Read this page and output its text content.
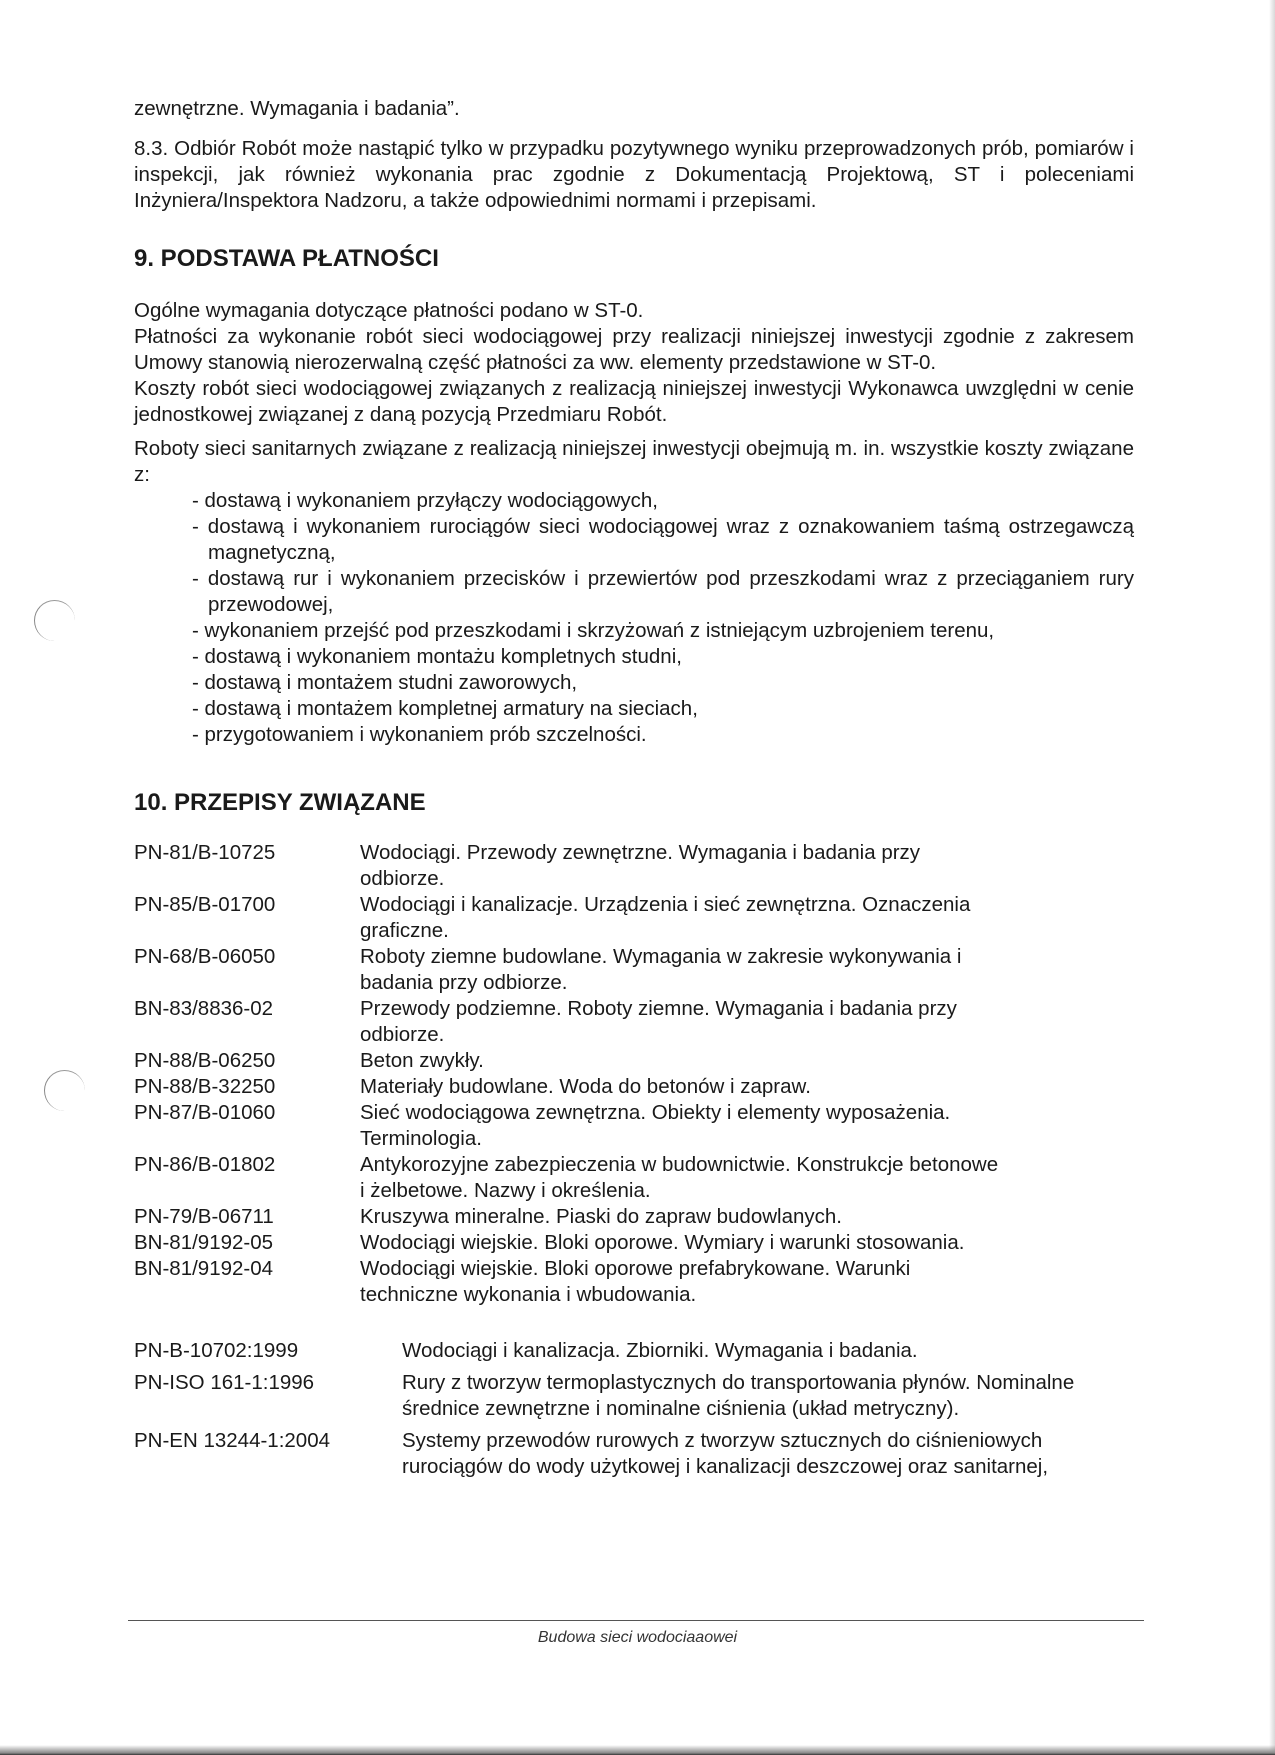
zewnętrzne. Wymagania i badania”.

8.3. Odbiór Robót może nastąpić tylko w przypadku pozytywnego wyniku przeprowadzonych prób, pomiarów i inspekcji, jak również wykonania prac zgodnie z Dokumentacją Projektową, ST i poleceniami Inżyniera/Inspektora Nadzoru, a także odpowiednimi normami i przepisami.

9. PODSTAWA PŁATNOŚCI

Ogólne wymagania dotyczące płatności podano w ST-0.

Płatności za wykonanie robót sieci wodociągowej przy realizacji niniejszej inwestycji zgodnie z zakresem Umowy stanowią nierozerwalną część płatności za ww. elementy przedstawione w ST-0.

Koszty robót sieci wodociągowej związanych z realizacją niniejszej inwestycji Wykonawca uwzględni w cenie jednostkowej związanej z daną pozycją Przedmiaru Robót.

Roboty sieci sanitarnych związane z realizacją niniejszej inwestycji obejmują m. in. wszystkie koszty związane z:

- dostawą i wykonaniem przyłączy wodociągowych,
- dostawą i wykonaniem rurociągów sieci wodociągowej wraz z oznakowaniem taśmą ostrzegawczą magnetyczną,
- dostawą rur i wykonaniem przecisków i przewiertów pod przeszkodami wraz z przeciąganiem rury przewodowej,
- wykonaniem przejść pod przeszkodami i skrzyżowań z istniejącym uzbrojeniem terenu,
- dostawą i wykonaniem montażu kompletnych studni,
- dostawą i montażem studni zaworowych,
- dostawą i montażem kompletnej armatury na sieciach,
- przygotowaniem i wykonaniem prób szczelności.
10. PRZEPISY ZWIĄZANE
PN-81/B-10725	Wodociągi. Przewody zewnętrzne. Wymagania i badania przy odbiorze.
PN-85/B-01700	Wodociągi i kanalizacje. Urządzenia i sieć zewnętrzna. Oznaczenia graficzne.
PN-68/B-06050	Roboty ziemne budowlane. Wymagania w zakresie wykonywania i badania przy odbiorze.
BN-83/8836-02	Przewody podziemne. Roboty ziemne. Wymagania i badania przy odbiorze.
PN-88/B-06250	Beton zwykły.
PN-88/B-32250	Materiały budowlane. Woda do betonów i zapraw.
PN-87/B-01060	Sieć wodociągowa zewnętrzna. Obiekty i elementy wyposażenia. Terminologia.
PN-86/B-01802	Antykorozyjne zabezpieczenia w budownictwie. Konstrukcje betonowe i żelbetowe. Nazwy i określenia.
PN-79/B-06711	Kruszywa mineralne. Piaski do zapraw budowlanych.
BN-81/9192-05	Wodociągi wiejskie. Bloki oporowe. Wymiary i warunki stosowania.
BN-81/9192-04	Wodociągi wiejskie. Bloki oporowe prefabrykowane. Warunki techniczne wykonania i wbudowania.
PN-B-10702:1999	Wodociągi i kanalizacja. Zbiorniki. Wymagania i badania.
PN-ISO 161-1:1996	Rury z tworzyw termoplastycznych do transportowania płynów. Nominalne średnice zewnętrzne i nominalne ciśnienia (układ metryczny).
PN-EN 13244-1:2004	Systemy przewodów rurowych z tworzyw sztucznych do ciśnieniowych rurociągów do wody użytkowej i kanalizacji deszczowej oraz sanitarnej,
Budowa sieci wodociaaowei
